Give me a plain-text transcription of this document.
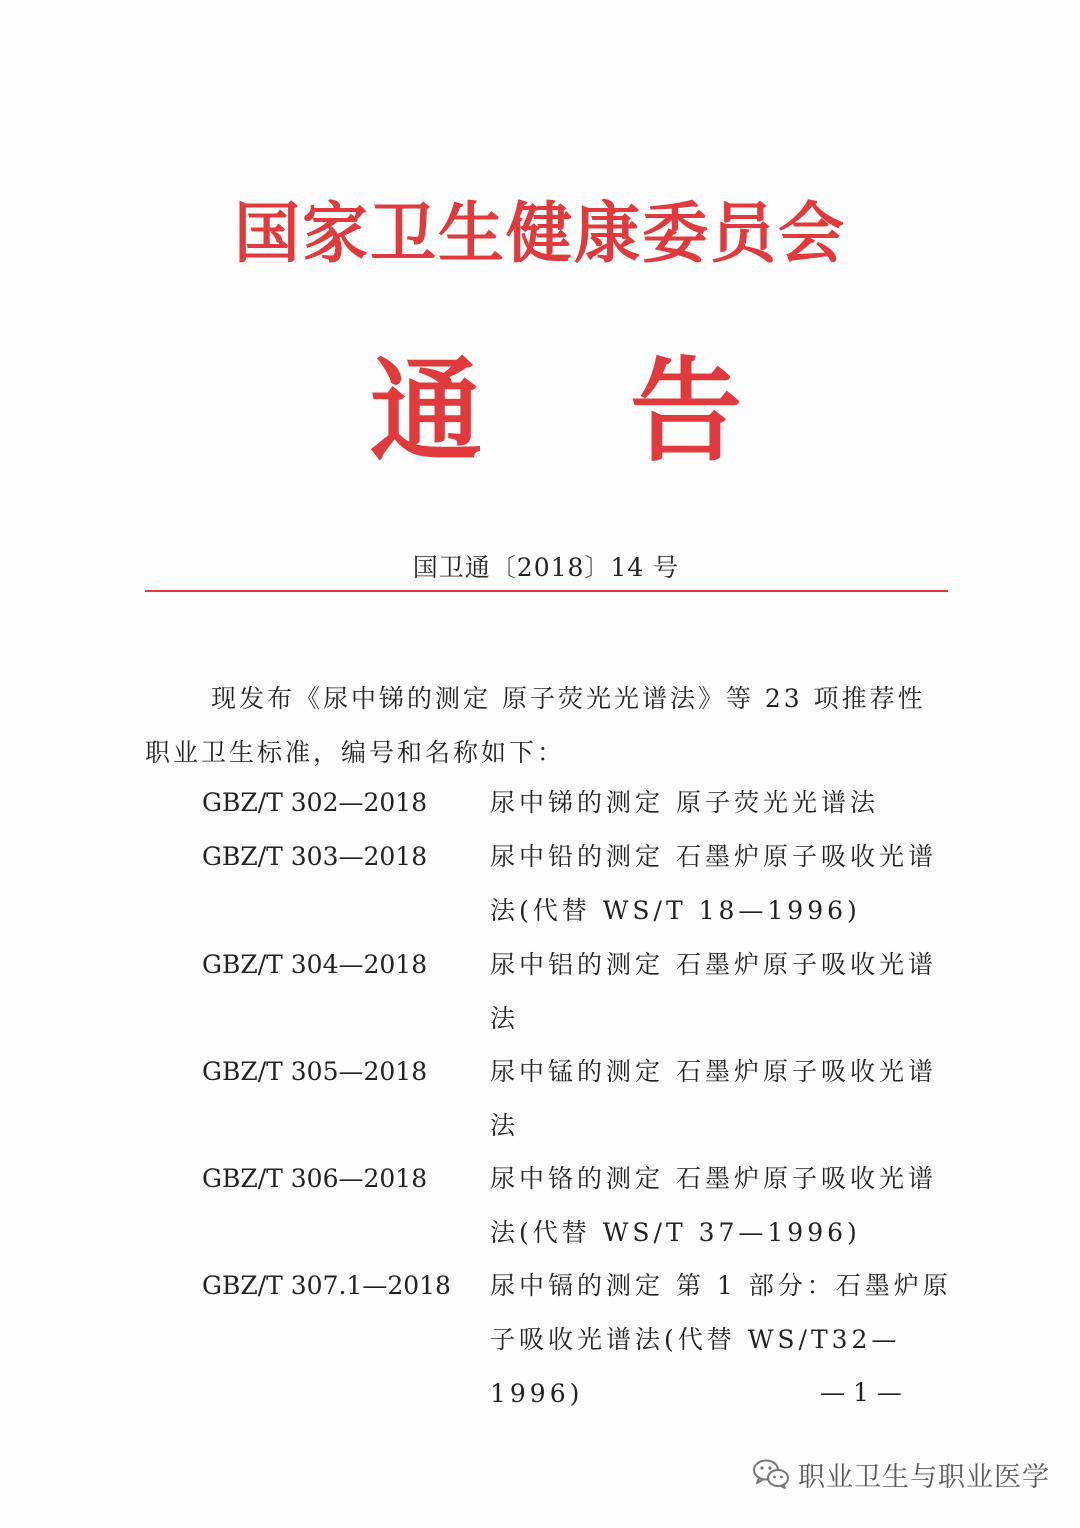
国家卫生健康委员会
通 告
国卫通〔2018〕14 号
现发布《尿中锑的测定 原子荧光光谱法》等 23 项推荐性职业卫生标准，编号和名称如下：
GBZ/T 302—2018	尿中锑的测定 原子荧光光谱法
GBZ/T 303—2018	尿中铅的测定 石墨炉原子吸收光谱法(代替 WS/T 18—1996)
GBZ/T 304—2018	尿中铝的测定 石墨炉原子吸收光谱法
GBZ/T 305—2018	尿中锰的测定 石墨炉原子吸收光谱法
GBZ/T 306—2018	尿中铬的测定 石墨炉原子吸收光谱法(代替 WS/T 37—1996)
GBZ/T 307.1—2018 尿中镉的测定 第 1 部分：石墨炉原子吸收光谱法(代替 WS/T32—1996)	— 1 —
职业卫生与职业医学
